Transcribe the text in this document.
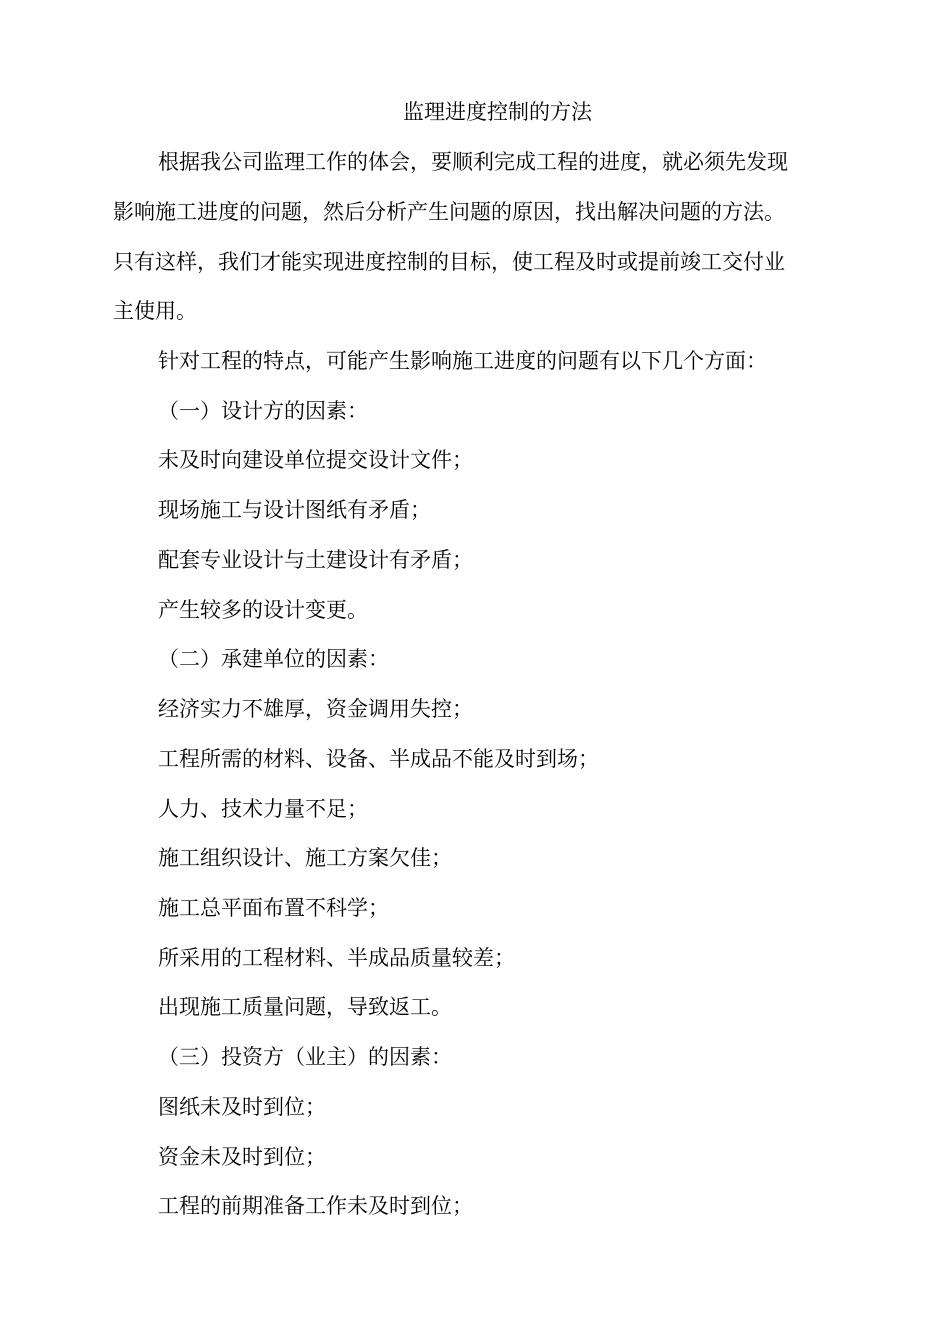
监理进度控制的方法

根据我公司监理工作的体会，要顺利完成工程的进度，就必须先发现

影响施工进度的问题，然后分析产生问题的原因，找出解决问题的方法。

只有这样，我们才能实现进度控制的目标，使工程及时或提前竣工交付业

主使用。

针对工程的特点，可能产生影响施工进度的问题有以下几个方面：

（一）设计方的因素：

未及时向建设单位提交设计文件；

现场施工与设计图纸有矛盾；

配套专业设计与土建设计有矛盾；

产生较多的设计变更。

（二）承建单位的因素：

经济实力不雄厚，资金调用失控；

工程所需的材料、设备、半成品不能及时到场；

人力、技术力量不足；

施工组织设计、施工方案欠佳；

施工总平面布置不科学；

所采用的工程材料、半成品质量较差；

出现施工质量问题，导致返工。

（三）投资方（业主）的因素：

图纸未及时到位；

资金未及时到位；

工程的前期准备工作未及时到位；
